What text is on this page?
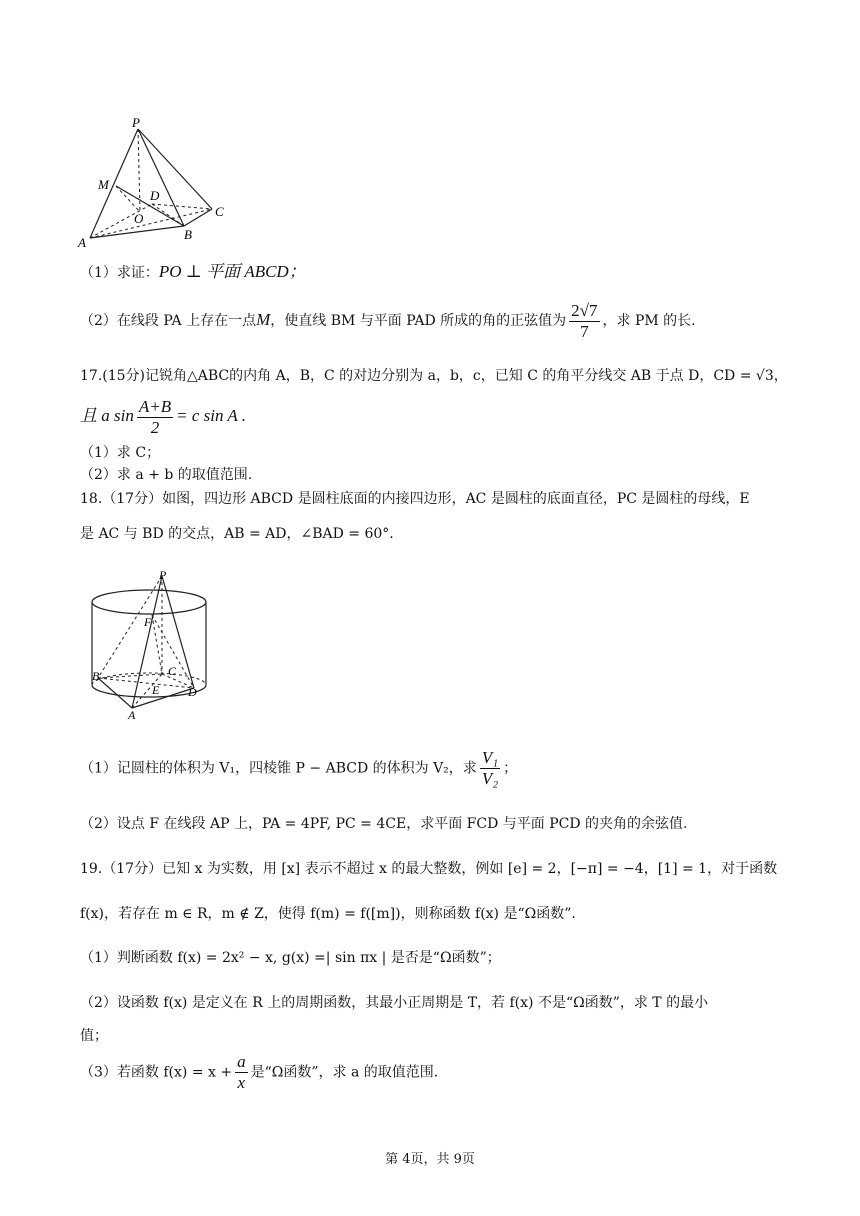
P
M
D
O	C
A
B
（1）求证：PO ⊥ 平面 ABCD；
（2）在线段 PA 上存在一点M，使直线 BM 与平面 PAD 所成的角的正弦值为 $\frac{2√7}{7}$ ，求 PM 的长.
17.(15分)记锐角△ABC的内角 A，B，C 的对边分别为 a，b，c，已知 C 的角平分线交 AB 于点 D，CD = √3，
且 a $\sin \frac{A+B}{2} = c$ sin A .
（1）求 C；
（2）求 a + b 的取值范围.
18.（17分）如图，四边形 ABCD 是圆柱底面的内接四边形，AC 是圆柱的底面直径，PC 是圆柱的母线，E
是 AC 与 BD 的交点，AB = AD，∠BAD = 60°.
P
F
C
B
E D
A
（1）记圆柱的体积为 V₁，四棱锥 P − ABCD 的体积为 V₂，求 $\frac{\text{V₁}}{\text{V₂}}$ ；
（2）设点 F 在线段 AP 上，PA = 4PF, PC = 4CE，求平面 FCD 与平面 PCD 的夹角的余弦值.
19.（17分）已知 x 为实数，用 [x] 表示不超过 x 的最大整数，例如 [e] = 2，[−π] = −4，[1] = 1，对于函数
f(x)，若存在 m ∈ R，m ∉ Z，使得 f(m) = f([m])，则称函数 f(x) 是“Ω函数”.
（1）判断函数 f(x) = 2x² − x, g(x) =| sin πx | 是否是“Ω函数”；
（2）设函数 f(x) 是定义在 R 上的周期函数，其最小正周期是 T，若 f(x) 不是“Ω函数”，求 T 的最小
值；
（3）若函数 $f(x) = x + \frac{a}{x}$ 是“Ω函数”，求 a 的取值范围.
第 4页，共 9页
